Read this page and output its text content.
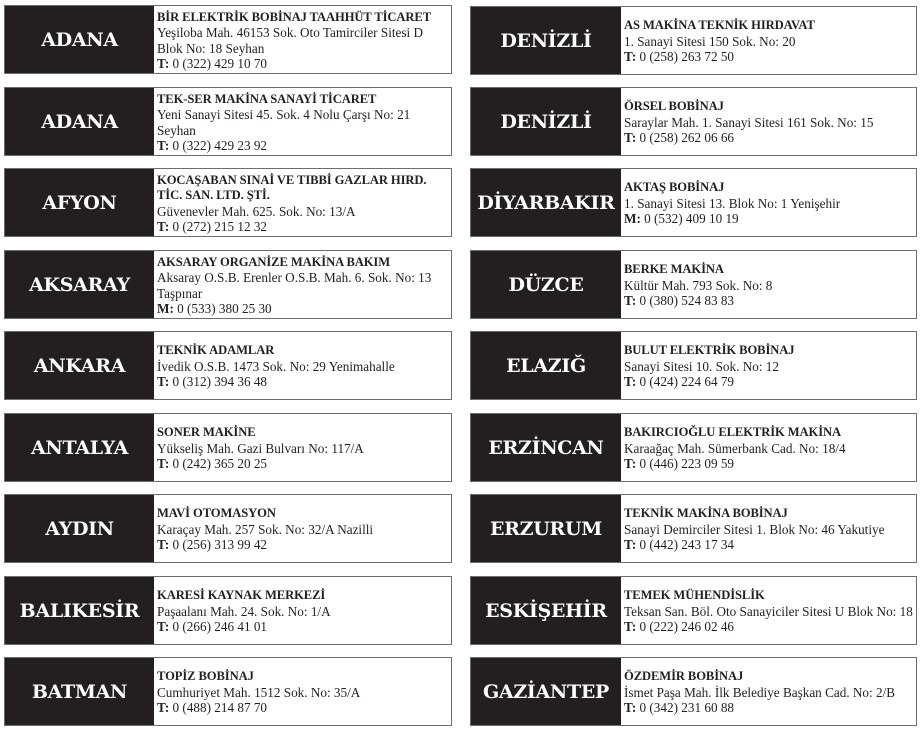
ADANA
BİR ELEKTRİK BOBİNAJ TAAHHÜT TİCARET
Yeşiloba Mah. 46153 Sok. Oto Tamirciler Sitesi D Blok No: 18 Seyhan
T: 0 (322) 429 10 70
ADANA
TEK-SER MAKİNA SANAYİ TİCARET
Yeni Sanayi Sitesi 45. Sok. 4 Nolu Çarşı No: 21 Seyhan
T: 0 (322) 429 23 92
AFYON
KOCAŞABAN SINAİ VE TIBBİ GAZLAR HIRD. TİC. SAN. LTD. ŞTİ.
Güvenevler Mah. 625. Sok. No: 13/A
T: 0 (272) 215 12 32
AKSARAY
AKSARAY ORGANİZE MAKİNA BAKIM
Aksaray O.S.B. Erenler O.S.B. Mah. 6. Sok. No: 13 Taşpınar
M: 0 (533) 380 25 30
ANKARA
TEKNİK ADAMLAR
İvedik O.S.B. 1473 Sok. No: 29 Yenimahalle
T: 0 (312) 394 36 48
ANTALYA
SONER MAKİNE
Yükseliş Mah. Gazi Bulvarı No: 117/A
T: 0 (242) 365 20 25
AYDIN
MAVİ OTOMASYON
Karaçay Mah. 257 Sok. No: 32/A Nazilli
T: 0 (256) 313 99 42
BALIKESİR
KARESİ KAYNAK MERKEZİ
Paşaalanı Mah. 24. Sok. No: 1/A
T: 0 (266) 246 41 01
BATMAN
TOPİZ BOBİNAJ
Cumhuriyet Mah. 1512 Sok. No: 35/A
T: 0 (488) 214 87 70
DENİZLİ
AS MAKİNA TEKNİK HIRDAVAT
1. Sanayi Sitesi 150 Sok. No: 20
T: 0 (258) 263 72 50
DENİZLİ
ÖRSEL BOBİNAJ
Saraylar Mah. 1. Sanayi Sitesi 161 Sok. No: 15
T: 0 (258) 262 06 66
DİYARBAKIR
AKTAŞ BOBİNAJ
1. Sanayi Sitesi 13. Blok No: 1 Yenişehir
M: 0 (532) 409 10 19
DÜZCE
BERKE MAKİNA
Kültür Mah. 793 Sok. No: 8
T: 0 (380) 524 83 83
ELAZIĞ
BULUT ELEKTRİK BOBİNAJ
Sanayi Sitesi 10. Sok. No: 12
T: 0 (424) 224 64 79
ERZİNCAN
BAKIRCIOĞLU ELEKTRİK MAKİNA
Karaağaç Mah. Sümerbank Cad. No: 18/4
T: 0 (446) 223 09 59
ERZURUM
TEKNİK MAKİNA BOBİNAJ
Sanayi Demirciler Sitesi 1. Blok No: 46 Yakutiye
T: 0 (442) 243 17 34
ESKİŞEHİR
TEMEK MÜHENDİSLİK
Teksan San. Böl. Oto Sanayiciler Sitesi U Blok No: 18
T: 0 (222) 246 02 46
GAZİANTEP
ÖZDEMİR BOBİNAJ
İsmet Paşa Mah. İlk Belediye Başkan Cad. No: 2/B
T: 0 (342) 231 60 88
